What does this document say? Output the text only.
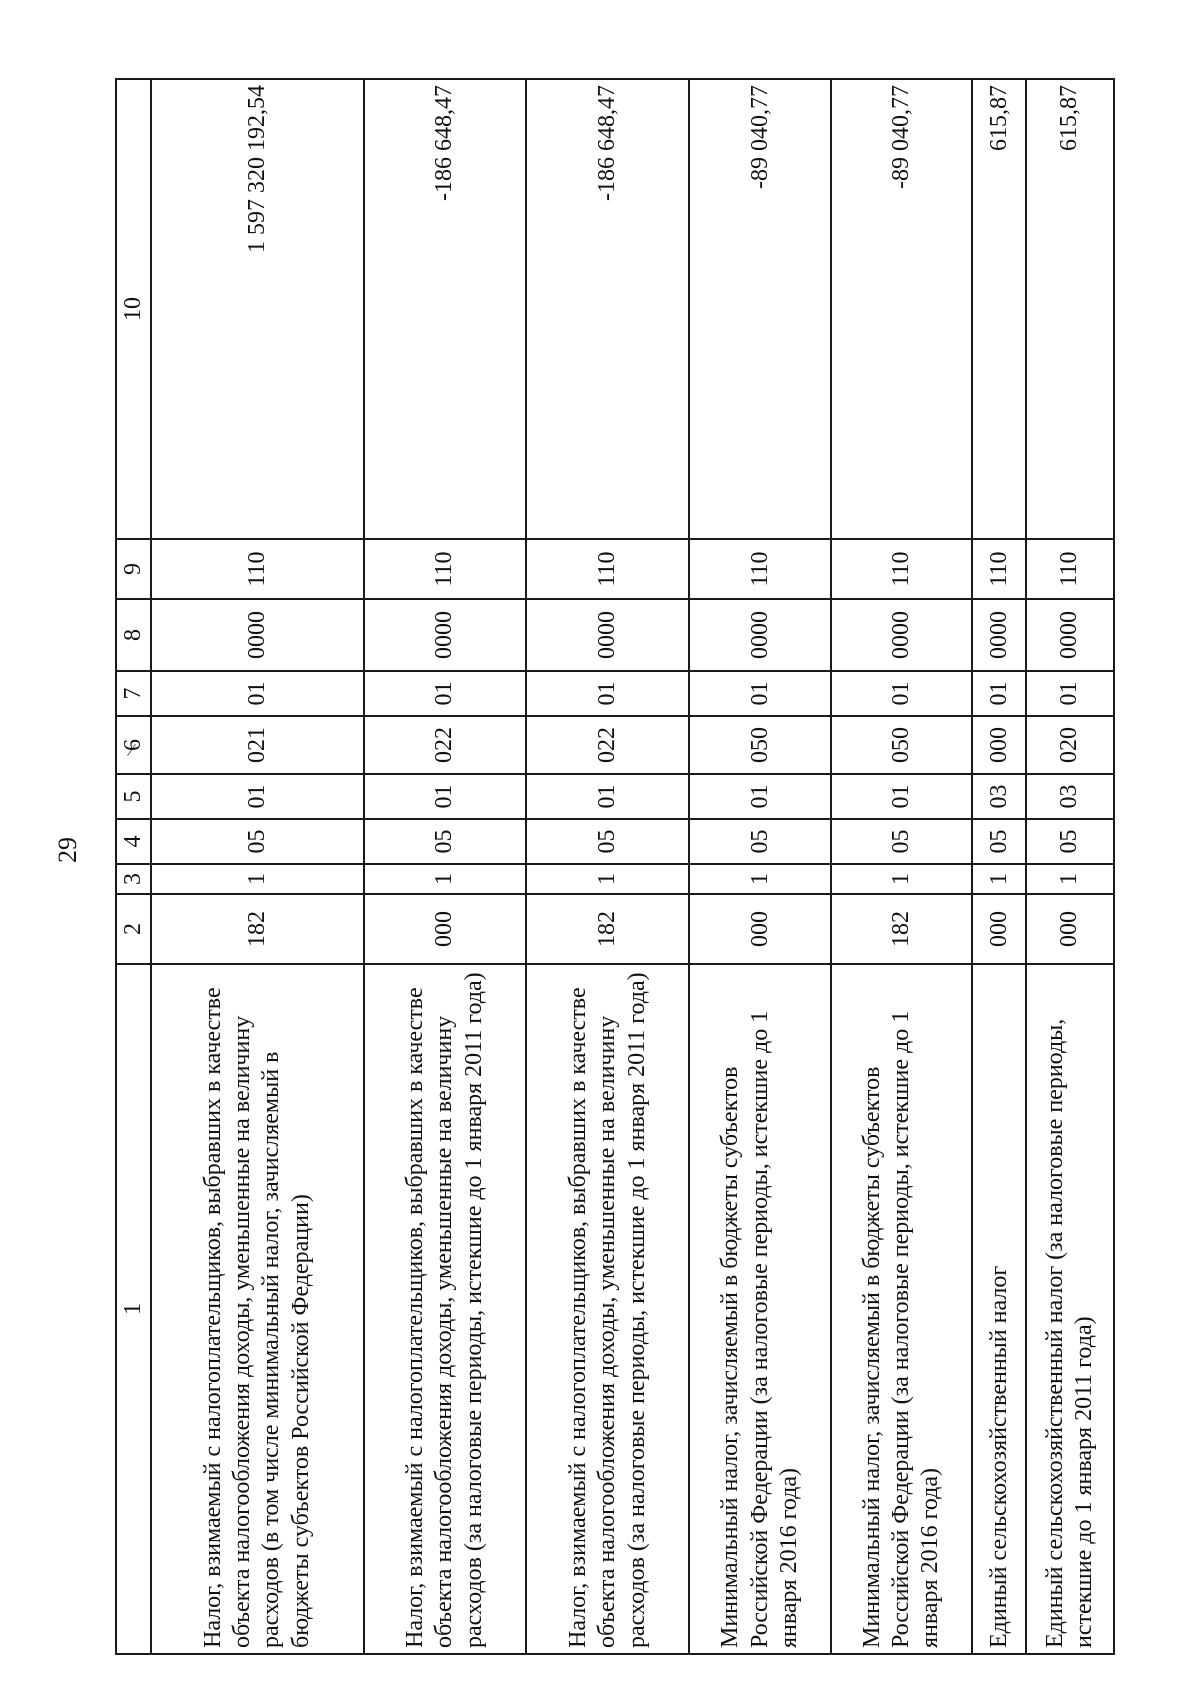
29
1	2	3	4	5	6	7	8	9	10
Налог, взимаемый с налогоплательщиков, выбравших в качестве объекта налогообложения доходы, уменьшенные на величину расходов (в том числе минимальный налог, зачисляемый в бюджеты субъектов Российской Федерации)	182	1	05	01	021	01	0000	110	1 597 320 192,54
Налог, взимаемый с налогоплательщиков, выбравших в качестве объекта налогообложения доходы, уменьшенные на величину расходов (за налоговые периоды, истекшие до 1 января 2011 года)	000	1	05	01	022	01	0000	110	-186 648,47
Налог, взимаемый с налогоплательщиков, выбравших в качестве объекта налогообложения доходы, уменьшенные на величину расходов (за налоговые периоды, истекшие до 1 января 2011 года)	182	1	05	01	022	01	0000	110	-186 648,47
Минимальный налог, зачисляемый в бюджеты субъектов Российской Федерации (за налоговые периоды, истекшие до 1 января 2016 года)	000	1	05	01	050	01	0000	110	-89 040,77
Минимальный налог, зачисляемый в бюджеты субъектов Российской Федерации (за налоговые периоды, истекшие до 1 января 2016 года)	182	1	05	01	050	01	0000	110	-89 040,77
Единый сельскохозяйственный налог	000	1	05	03	000	01	0000	110	615,87
Единый сельскохозяйственный налог (за налоговые периоды, истекшие до 1 января 2011 года)	000	1	05	03	020	01	0000	110	615,87
